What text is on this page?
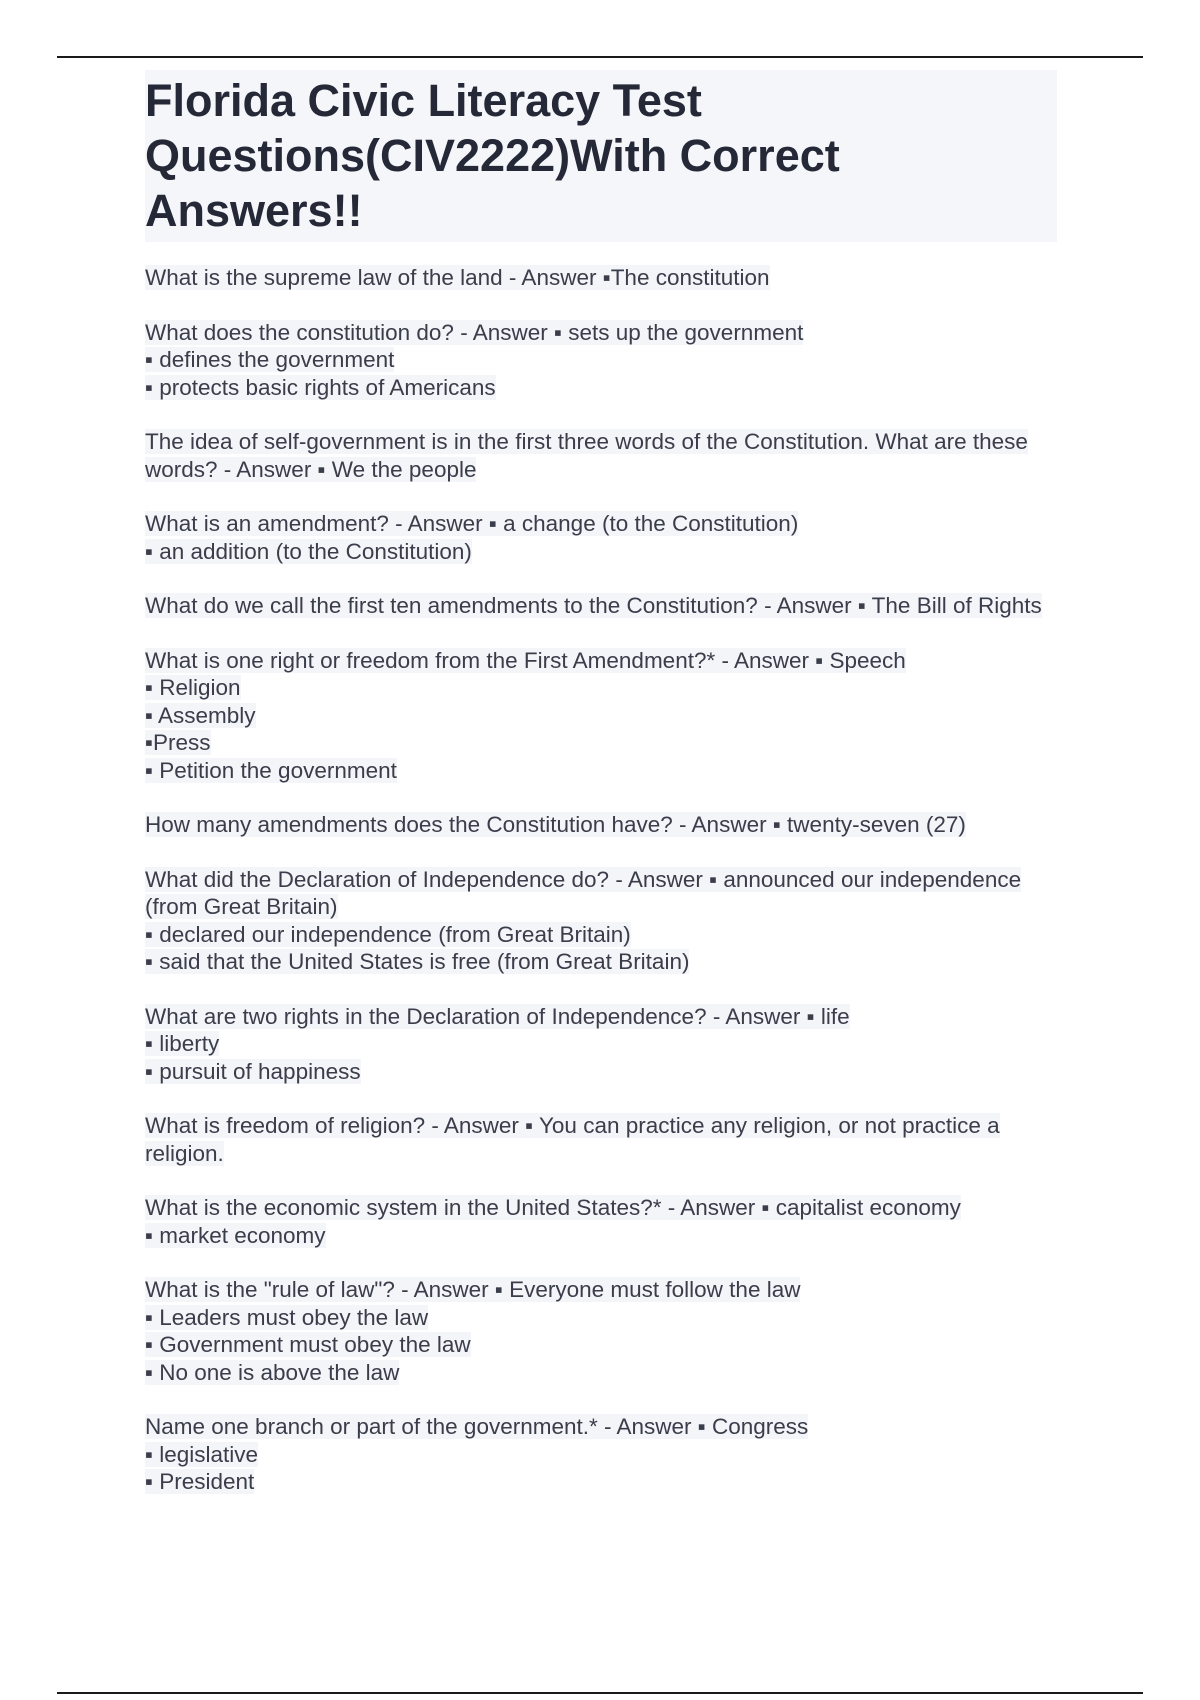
Florida Civic Literacy Test
Questions(CIV2222)With Correct
Answers!!
What is the supreme law of the land - Answer ▪The constitution
What does the constitution do? - Answer ▪ sets up the government
▪ defines the government
▪ protects basic rights of Americans
The idea of self-government is in the first three words of the Constitution. What are these words? - Answer ▪ We the people
What is an amendment? - Answer ▪ a change (to the Constitution)
▪ an addition (to the Constitution)
What do we call the first ten amendments to the Constitution? - Answer ▪ The Bill of Rights
What is one right or freedom from the First Amendment?* - Answer ▪ Speech
▪ Religion
▪ Assembly
▪Press
▪ Petition the government
How many amendments does the Constitution have? - Answer ▪ twenty-seven (27)
What did the Declaration of Independence do? - Answer ▪ announced our independence (from Great Britain)
▪ declared our independence (from Great Britain)
▪ said that the United States is free (from Great Britain)
What are two rights in the Declaration of Independence? - Answer ▪ life
▪ liberty
▪ pursuit of happiness
What is freedom of religion? - Answer ▪ You can practice any religion, or not practice a religion.
What is the economic system in the United States?* - Answer ▪ capitalist economy
▪ market economy
What is the "rule of law"? - Answer ▪ Everyone must follow the law
▪ Leaders must obey the law
▪ Government must obey the law
▪ No one is above the law
Name one branch or part of the government.* - Answer ▪ Congress
▪ legislative
▪ President
